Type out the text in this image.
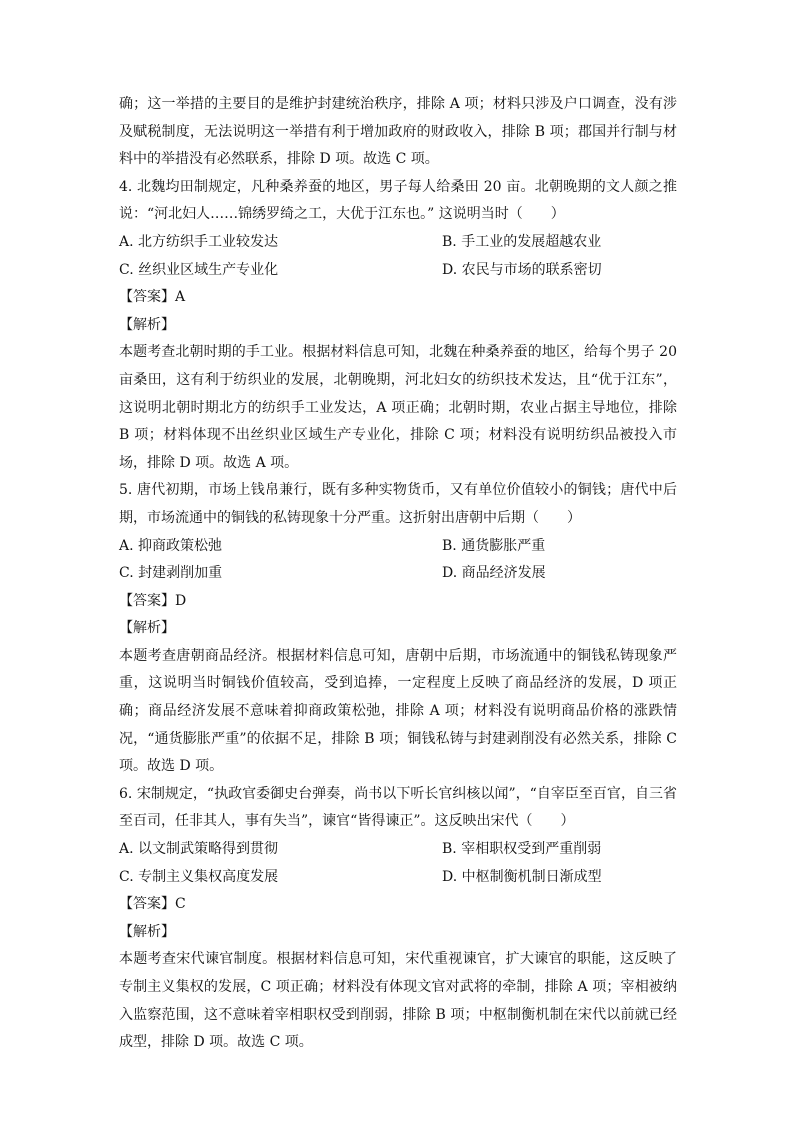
确；这一举措的主要目的是维护封建统治秩序，排除 A 项；材料只涉及户口调查，没有涉及赋税制度，无法说明这一举措有利于增加政府的财政收入，排除 B 项；郡国并行制与材料中的举措没有必然联系，排除 D 项。故选 C 项。

4. 北魏均田制规定，凡种桑养蚕的地区，男子每人给桑田 20 亩。北朝晚期的文人颜之推说：“河北妇人……锦绣罗绮之工，大优于江东也。” 这说明当时（　　）

A. 北方纺织手工业较发达	B. 手工业的发展超越农业
C. 丝织业区域生产专业化	D. 农民与市场的联系密切

【答案】A

【解析】

本题考查北朝时期的手工业。根据材料信息可知，北魏在种桑养蚕的地区，给每个男子 20 亩桑田，这有利于纺织业的发展，北朝晚期，河北妇女的纺织技术发达，且“优于江东”，这说明北朝时期北方的纺织手工业发达，A 项正确；北朝时期，农业占据主导地位，排除 B 项；材料体现不出丝织业区域生产专业化，排除 C 项；材料没有说明纺织品被投入市场，排除 D 项。故选 A 项。

5. 唐代初期，市场上钱帛兼行，既有多种实物货币，又有单位价值较小的铜钱；唐代中后期，市场流通中的铜钱的私铸现象十分严重。这折射出唐朝中后期（　　）

A. 抑商政策松弛	B. 通货膨胀严重
C. 封建剥削加重	D. 商品经济发展

【答案】D

【解析】

本题考查唐朝商品经济。根据材料信息可知，唐朝中后期，市场流通中的铜钱私铸现象严重，这说明当时铜钱价值较高，受到追捧，一定程度上反映了商品经济的发展，D 项正确；商品经济发展不意味着抑商政策松弛，排除 A 项；材料没有说明商品价格的涨跌情况，“通货膨胀严重”的依据不足，排除 B 项；铜钱私铸与封建剥削没有必然关系，排除 C 项。故选 D 项。

6. 宋制规定，“执政官委御史台弹奏，尚书以下听长官纠核以闻”，“自宰臣至百官，自三省至百司，任非其人，事有失当”，谏官“皆得谏正”。这反映出宋代（　　）

A. 以文制武策略得到贯彻	B. 宰相职权受到严重削弱
C. 专制主义集权高度发展	D. 中枢制衡机制日渐成型

【答案】C

【解析】

本题考查宋代谏官制度。根据材料信息可知，宋代重视谏官，扩大谏官的职能，这反映了专制主义集权的发展，C 项正确；材料没有体现文官对武将的牵制，排除 A 项；宰相被纳入监察范围，这不意味着宰相职权受到削弱，排除 B 项；中枢制衡机制在宋代以前就已经成型，排除 D 项。故选 C 项。
